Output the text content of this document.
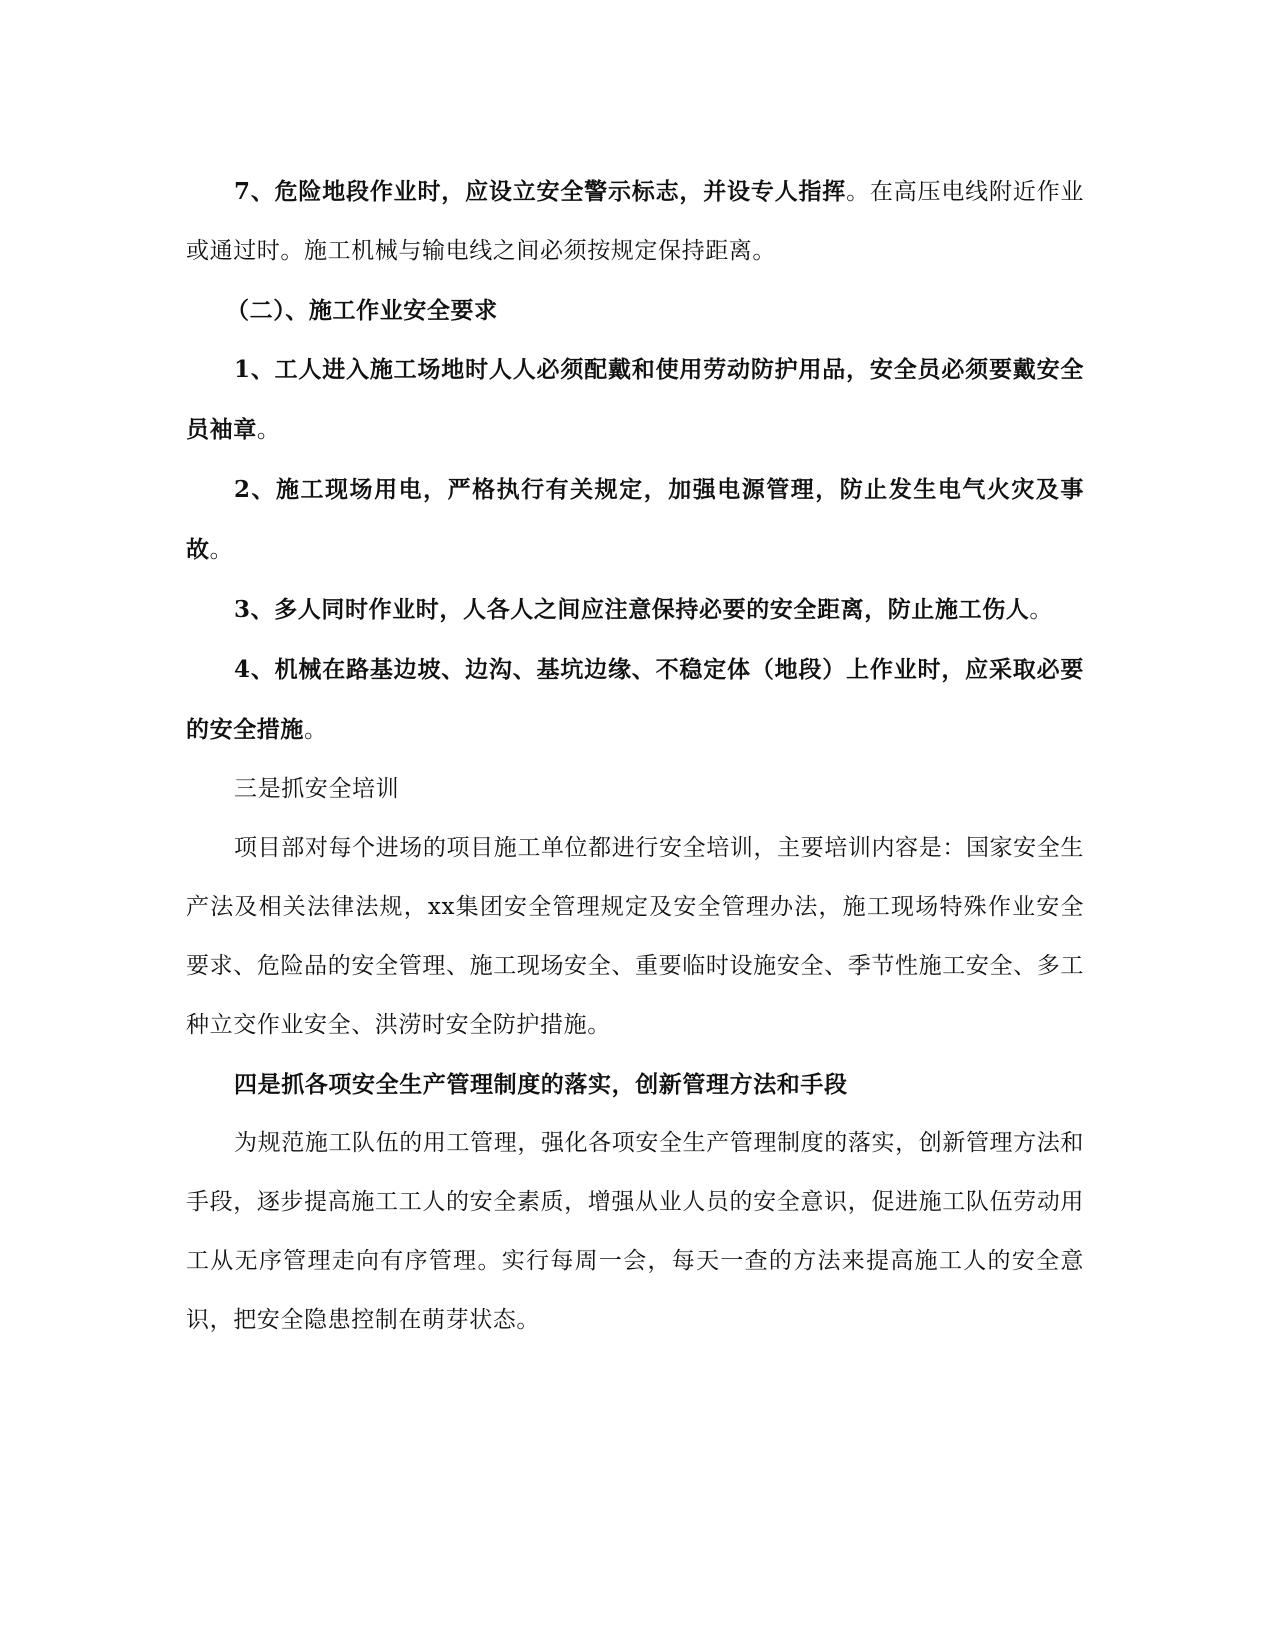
7、危险地段作业时，应设立安全警示标志，并设专人指挥。在高压电线附近作业或通过时。施工机械与输电线之间必须按规定保持距离。

（二）、施工作业安全要求

1、工人进入施工场地时人人必须配戴和使用劳动防护用品，安全员必须要戴安全员袖章。

2、施工现场用电，严格执行有关规定，加强电源管理，防止发生电气火灾及事故。

3、多人同时作业时，人各人之间应注意保持必要的安全距离，防止施工伤人。

4、机械在路基边坡、边沟、基坑边缘、不稳定体（地段）上作业时，应采取必要的安全措施。

三是抓安全培训

项目部对每个进场的项目施工单位都进行安全培训，主要培训内容是：国家安全生产法及相关法律法规，xx集团安全管理规定及安全管理办法，施工现场特殊作业安全要求、危险品的安全管理、施工现场安全、重要临时设施安全、季节性施工安全、多工种立交作业安全、洪涝时安全防护措施。

四是抓各项安全生产管理制度的落实，创新管理方法和手段

为规范施工队伍的用工管理，强化各项安全生产管理制度的落实，创新管理方法和手段，逐步提高施工工人的安全素质，增强从业人员的安全意识，促进施工队伍劳动用工从无序管理走向有序管理。实行每周一会，每天一查的方法来提高施工人的安全意识，把安全隐患控制在萌芽状态。
